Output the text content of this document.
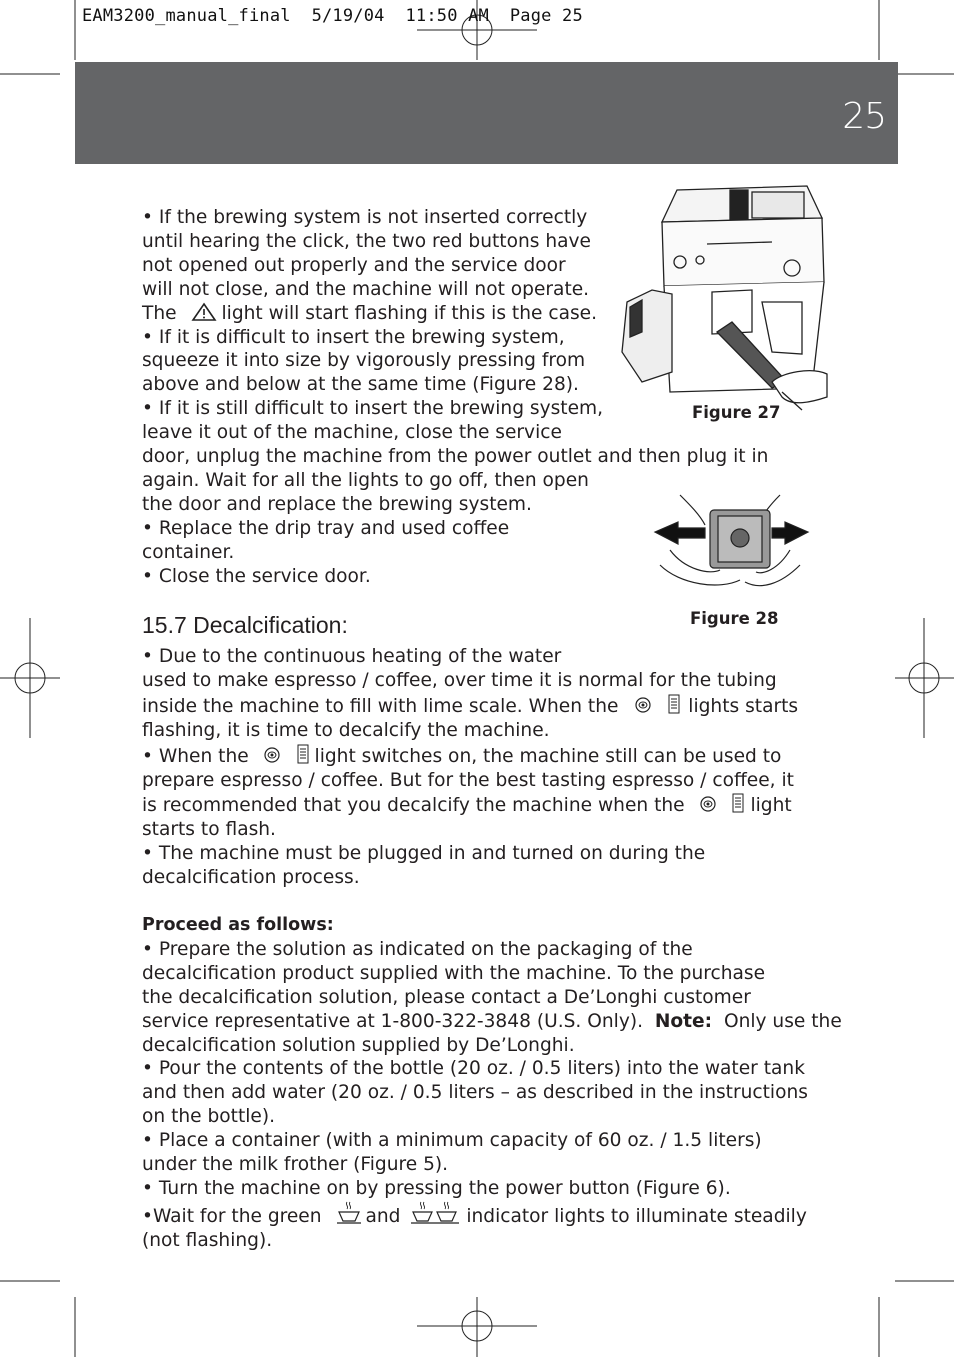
EAM3200_manual_final  5/19/04  11:50 AM  Page 25
25
Figure 27
Figure 28

• If the brewing system is not inserted correctly

until hearing the click, the two red buttons have

not opened out properly and the service door

will not close, and the machine will not operate.

The light will start flashing if this is the case.

• If it is difficult to insert the brewing system,

squeeze it into size by vigorously pressing from

above and below at the same time (Figure 28).

• If it is still difficult to insert the brewing system,

leave it out of the machine, close the service

door, unplug the machine from the power outlet and then plug it in

again. Wait for all the lights to go off, then open

the door and replace the brewing system.

• Replace the drip tray and used coffee

container.

• Close the service door.

15.7 Decalcification:

• Due to the continuous heating of the water

used to make espresso / coffee, over time it is normal for the tubing

inside the machine to fill with lime scale. When the	lights starts

flashing, it is time to decalcify the machine.

• When the	light switches on, the machine still can be used to

prepare espresso / coffee. But for the best tasting espresso / coffee, it

is recommended that you decalcify the machine when the	light

starts to flash.

• The machine must be plugged in and turned on during the

decalcification process.

Proceed as follows:

• Prepare the solution as indicated on the packaging of the

decalcification product supplied with the machine. To the purchase

the decalcification solution, please contact a De’Longhi customer

service representative at 1-800-322-3848 (U.S. Only). Note: Only use the

decalcification solution supplied by De’Longhi.

• Pour the contents of the bottle (20 oz. / 0.5 liters) into the water tank

and then add water (20 oz. / 0.5 liters – as described in the instructions

on the bottle).

• Place a container (with a minimum capacity of 60 oz. / 1.5 liters)

under the milk frother (Figure 5).

• Turn the machine on by pressing the power button (Figure 6).

•Wait for the green and	indicator lights to illuminate steadily

(not flashing).
